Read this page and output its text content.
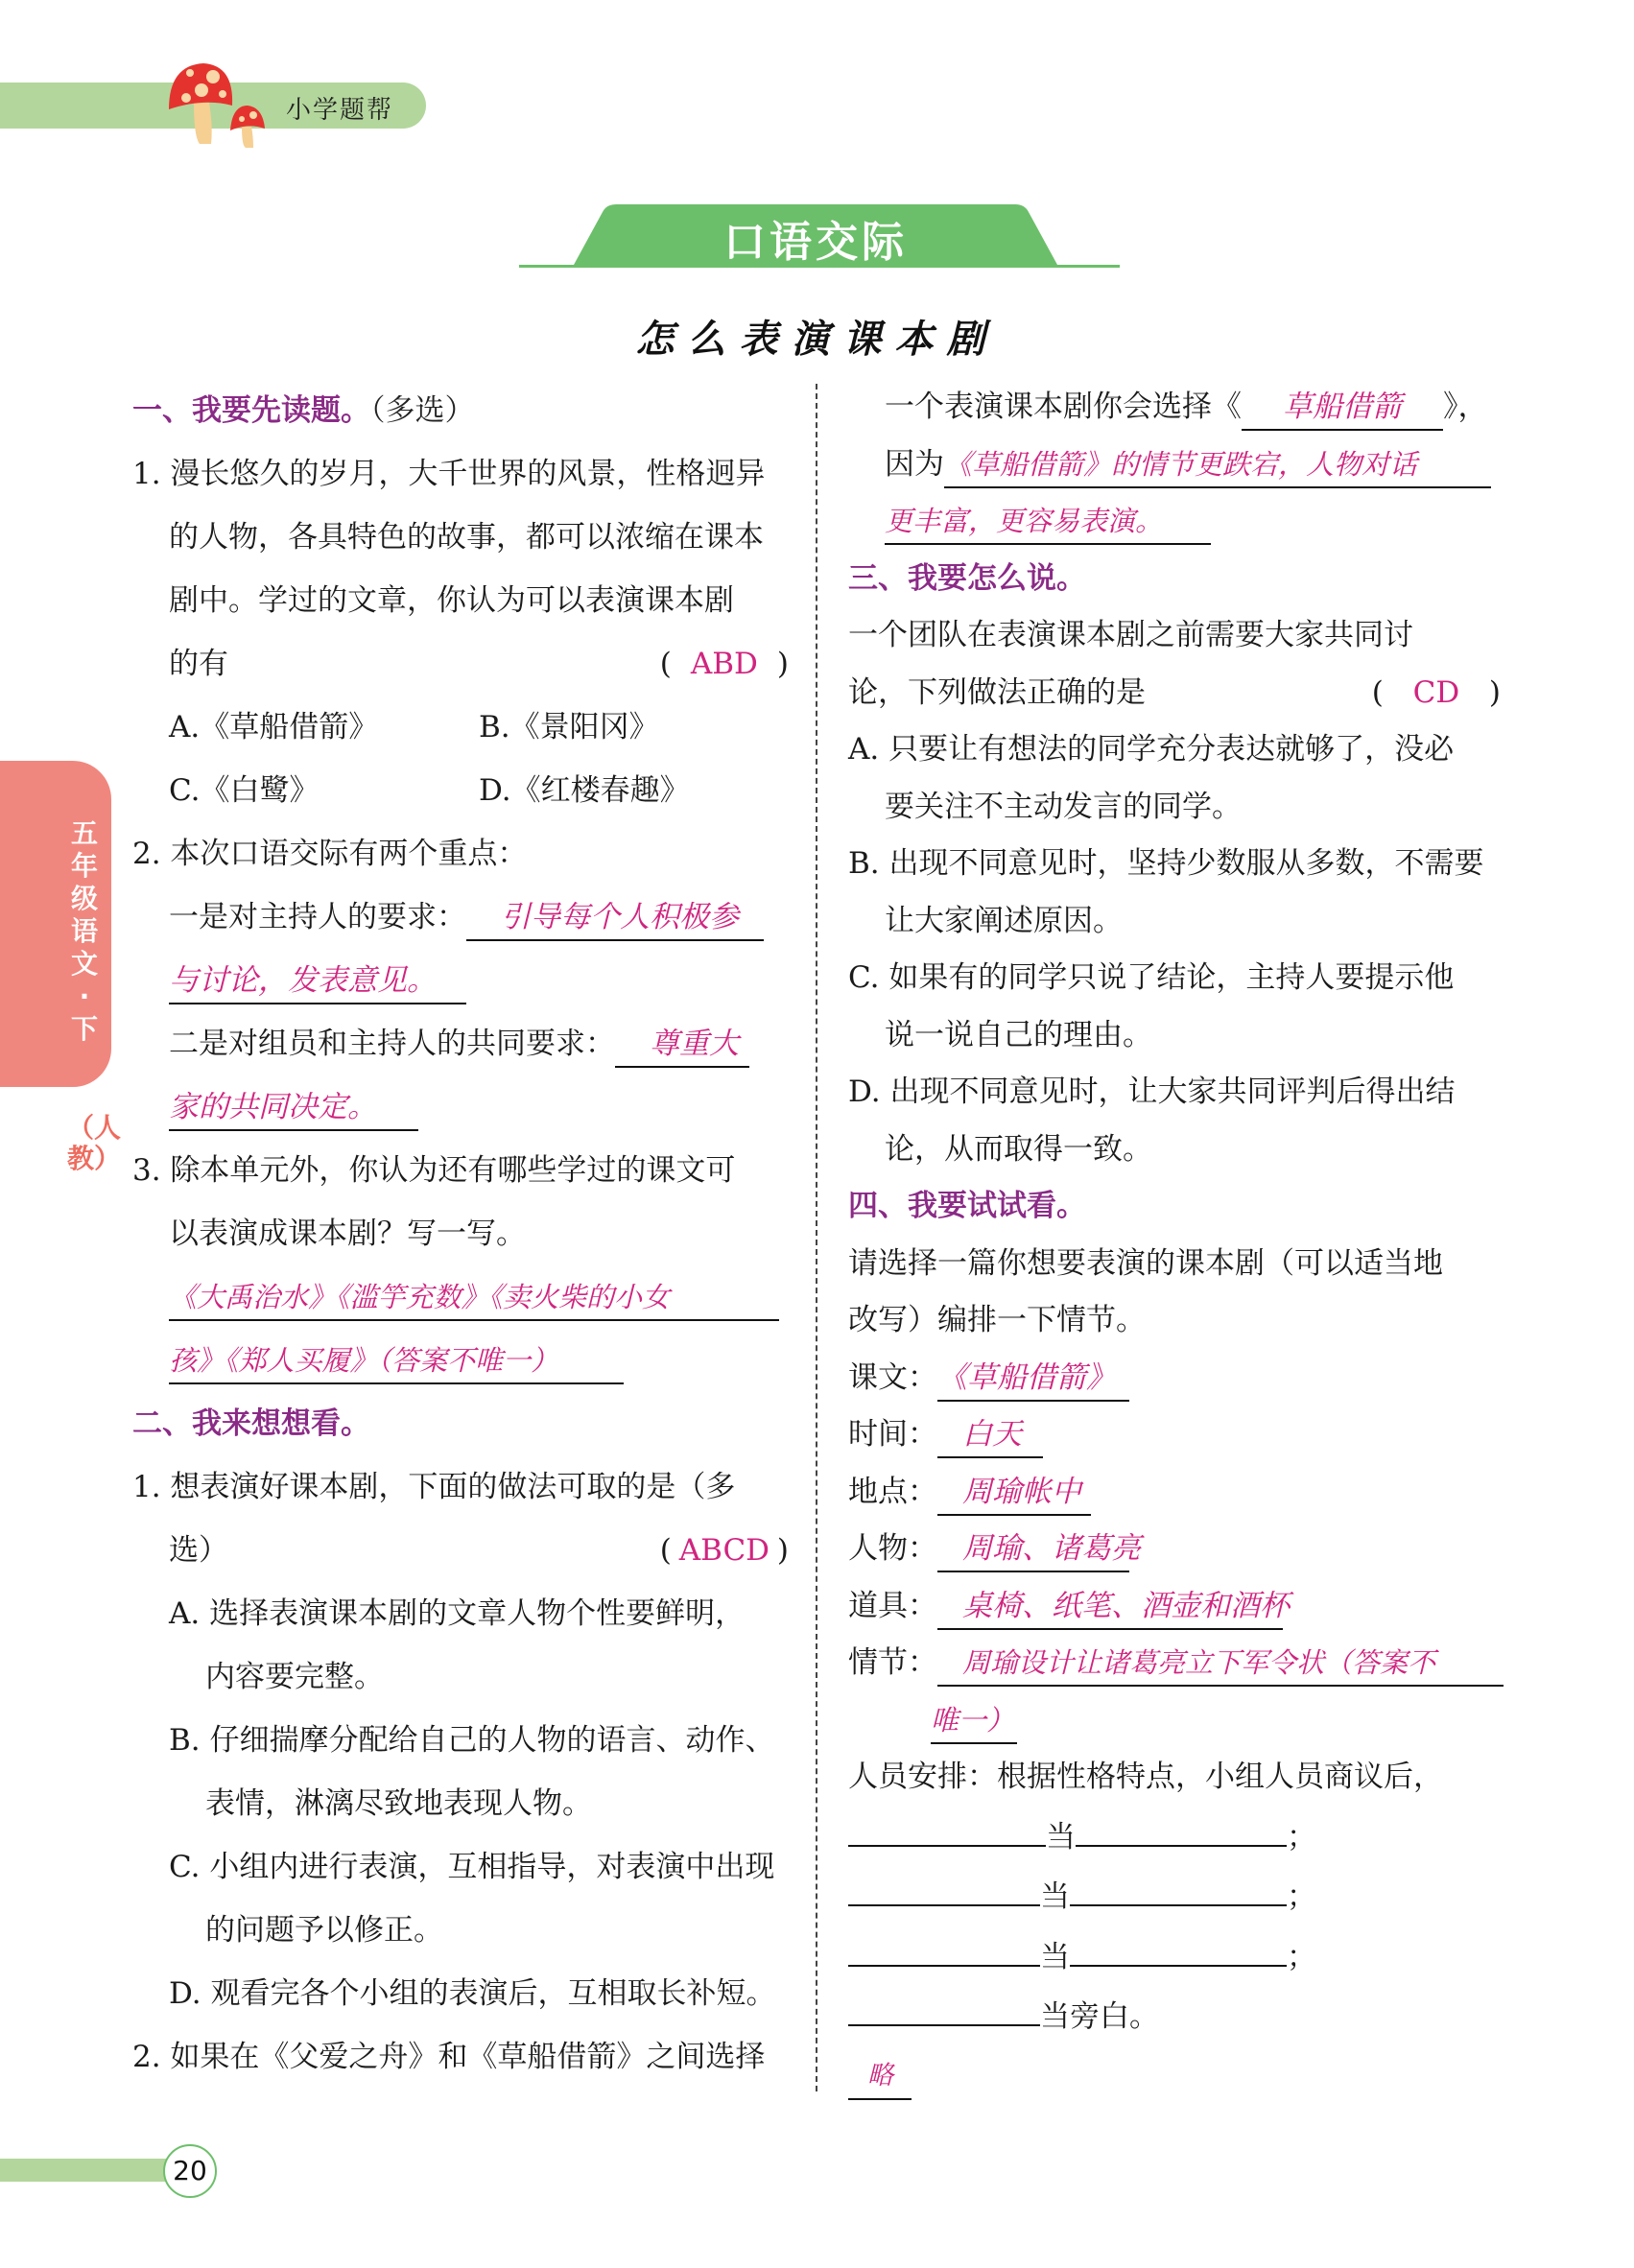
小学题帮
口语交际
怎么表演课本剧
五年级语文·下
（人教）
一、我要先读题。（多选）
1. 漫长悠久的岁月，大千世界的风景，性格迥异
的人物，各具特色的故事，都可以浓缩在课本
剧中。学过的文章，你认为可以表演课本剧
的有	( ABD )
A.《草船借箭》	B.《景阳冈》
C.《白鹭》	D.《红楼春趣》
2. 本次口语交际有两个重点：
一是对主持人的要求： 引导每个人积极参
与讨论，发表意见。
二是对组员和主持人的共同要求： 尊重大
家的共同决定。
3. 除本单元外，你认为还有哪些学过的课文可
以表演成课本剧？写一写。
《大禹治水》《滥竽充数》《卖火柴的小女
孩》《郑人买履》（答案不唯一）
二、我来想想看。
1. 想表演好课本剧，下面的做法可取的是（多
选）	( ABCD )
A. 选择表演课本剧的文章人物个性要鲜明，
内容要完整。
B. 仔细揣摩分配给自己的人物的语言、动作、
表情，淋漓尽致地表现人物。
C. 小组内进行表演，互相指导，对表演中出现
的问题予以修正。
D. 观看完各个小组的表演后，互相取长补短。
2. 如果在《父爱之舟》和《草船借箭》之间选择
一个表演课本剧你会选择《 草船借箭 》，
因为《草船借箭》的情节更跌宕，人物对话
更丰富，更容易表演。
三、我要怎么说。
一个团队在表演课本剧之前需要大家共同讨
论，下列做法正确的是	( CD )
A. 只要让有想法的同学充分表达就够了，没必
要关注不主动发言的同学。
B. 出现不同意见时，坚持少数服从多数，不需要
让大家阐述原因。
C. 如果有的同学只说了结论，主持人要提示他
说一说自己的理由。
D. 出现不同意见时，让大家共同评判后得出结
论，从而取得一致。
四、我要试试看。
请选择一篇你想要表演的课本剧（可以适当地
改写）编排一下情节。
课文：《草船借箭》
时间： 白天
地点： 周瑜帐中
人物： 周瑜、诸葛亮
道具： 桌椅、纸笔、酒壶和酒杯
情节： 周瑜设计让诸葛亮立下军令状（答案不
唯一）
人员安排：根据性格特点，小组人员商议后，
当	；
当	；
当	；
当旁白。
略
20
